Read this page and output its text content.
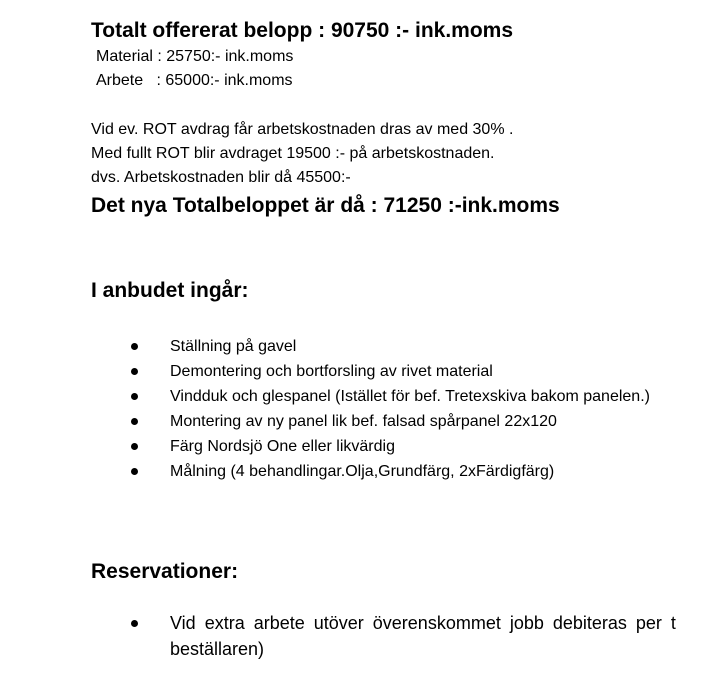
Totalt offererat belopp : 90750 :- ink.moms
Material : 25750:- ink.moms
Arbete   : 65000:- ink.moms
Vid ev. ROT avdrag får arbetskostnaden dras av med 30% .
Med fullt ROT blir avdraget 19500 :- på arbetskostnaden.
dvs. Arbetskostnaden blir då 45500:-
Det nya Totalbeloppet är då : 71250 :-ink.moms
I anbudet ingår:
Ställning på gavel
Demontering och bortforsling av rivet material
Vindduk och glespanel (Istället för bef. Tretexskiva bakom panelen.)
Montering av ny panel lik bef. falsad spårpanel 22x120
Färg Nordsjö One eller likvärdig
Målning (4 behandlingar.Olja,Grundfärg, 2xFärdigfärg)
Reservationer:
Vid extra arbete utöver överenskommet jobb debiteras per t
beställaren)
